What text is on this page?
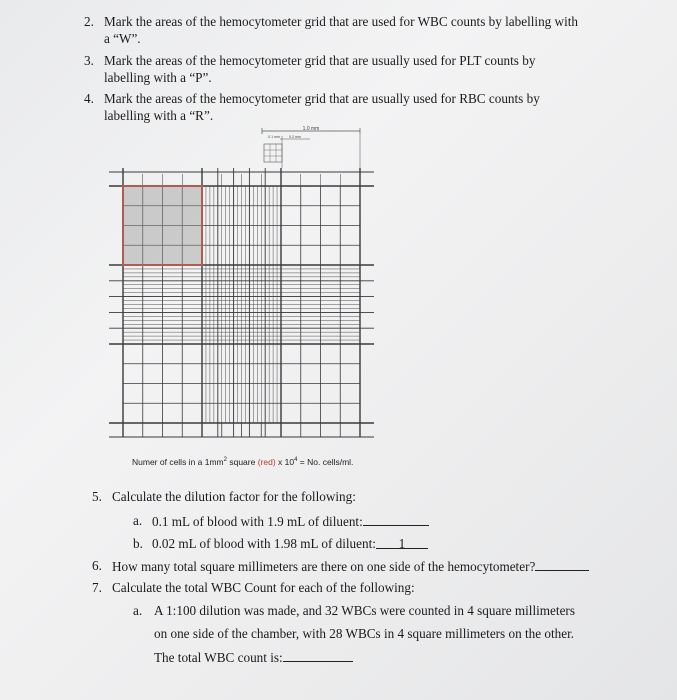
2. Mark the areas of the hemocytometer grid that are used for WBC counts by labelling with
a “W”.
3. Mark the areas of the hemocytometer grid that are usually used for PLT counts by
labelling with a “P”.
4. Mark the areas of the hemocytometer grid that are usually used for RBC counts by
labelling with a “R”.
1.0 mm
0.2 mm
0.1 mm
Numer of cells in a $1mm^2$ square (red) x $10^4 = No$. cells/ml.
5. Calculate the dilution factor for the following:
a. 0.1 mL of blood with 1.9 mL of diluent:
b. 0.02 mL of blood with 1.98 mL of diluent: 1
6. How many total square millimeters are there on one side of the hemocytometer?
7. Calculate the total WBC Count for each of the following:
a. A 1:100 dilution was made, and 32 WBCs were counted in 4 square millimeters
on one side of the chamber, with 28 WBCs in 4 square millimeters on the other.
The total WBC count is:
